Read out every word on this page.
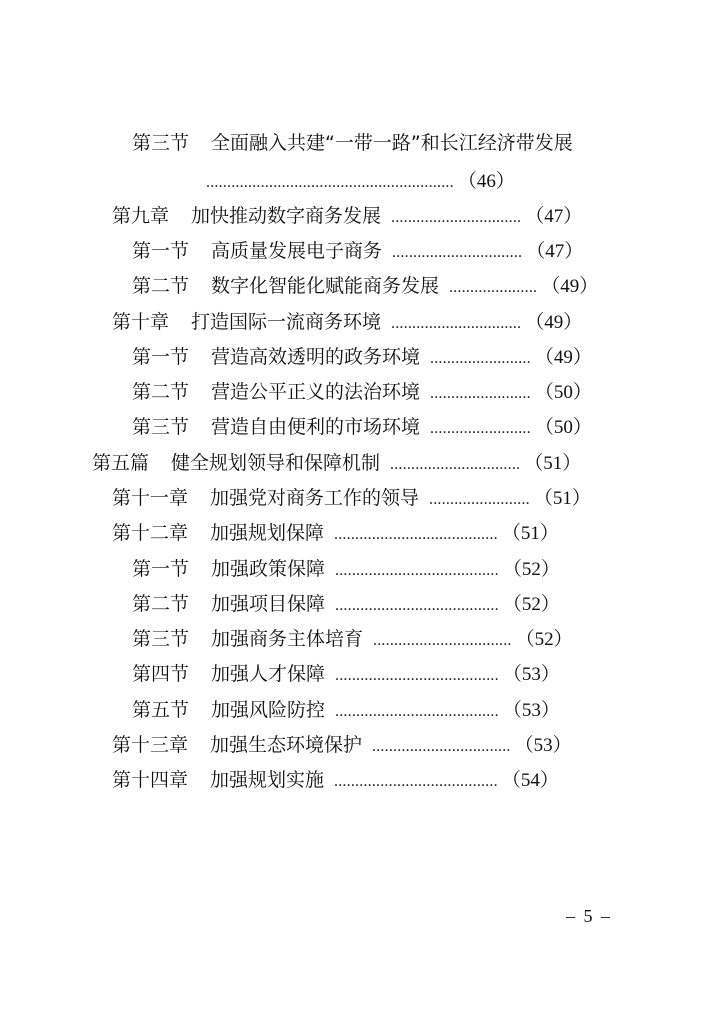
第三节 全面融入共建“一带一路”和长江经济带发展
........................................................... （46）
第九章 加快推动数字商务发展 ............................... （47）
第一节 高质量发展电子商务 ............................... （47）
第二节 数字化智能化赋能商务发展 ..................... （49）
第十章 打造国际一流商务环境 ............................... （49）
第一节 营造高效透明的政务环境 ........................ （49）
第二节 营造公平正义的法治环境 ........................ （50）
第三节 营造自由便利的市场环境 ........................ （50）
第五篇 健全规划领导和保障机制 ............................... （51）
第十一章 加强党对商务工作的领导 ........................ （51）
第十二章 加强规划保障 ....................................... （51）
第一节 加强政策保障 ....................................... （52）
第二节 加强项目保障 ....................................... （52）
第三节 加强商务主体培育 ................................. （52）
第四节 加强人才保障 ....................................... （53）
第五节 加强风险防控 ....................................... （53）
第十三章 加强生态环境保护 ................................. （53）
第十四章 加强规划实施 ....................................... （54）
– 5 –
